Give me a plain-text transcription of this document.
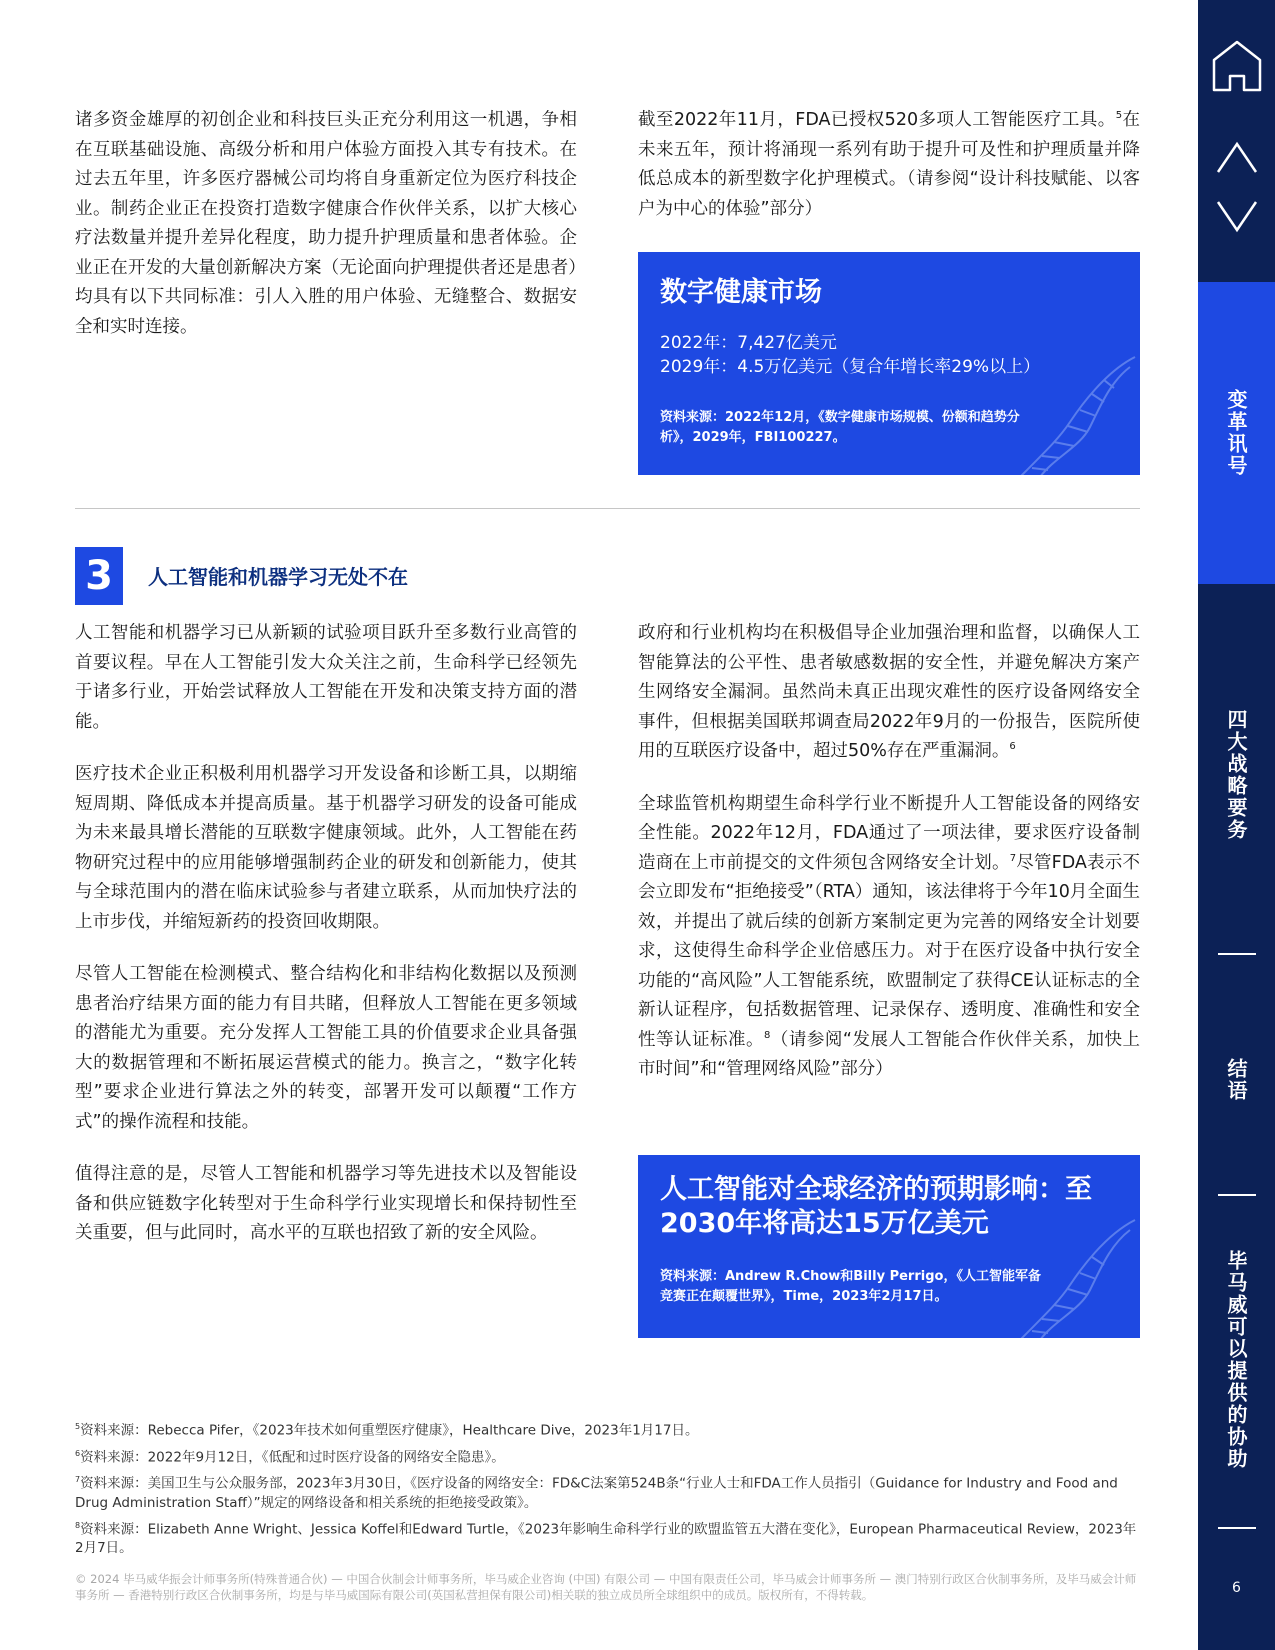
诸多资金雄厚的初创企业和科技巨头正充分利用这一机遇，争相在互联基础设施、高级分析和用户体验方面投入其专有技术。在过去五年里，许多医疗器械公司均将自身重新定位为医疗科技企业。制药企业正在投资打造数字健康合作伙伴关系，以扩大核心疗法数量并提升差异化程度，助力提升护理质量和患者体验。企业正在开发的大量创新解决方案（无论面向护理提供者还是患者）均具有以下共同标准：引人入胜的用户体验、无缝整合、数据安全和实时连接。

截至2022年11月，FDA已授权520多项人工智能医疗工具。$^5$在未来五年，预计将涌现一系列有助于提升可及性和护理质量并降低总成本的新型数字化护理模式。（请参阅“设计科技赋能、以客户为中心的体验”部分）

数字健康市场
2022年：7,427亿美元
2029年：4.5万亿美元（复合年增长率29%以上）
资料来源：2022年12月，《数字健康市场规模、份额和趋势分析》，2029年，FBI100227。
3	人工智能和机器学习无处不在

人工智能和机器学习已从新颖的试验项目跃升至多数行业高管的首要议程。早在人工智能引发大众关注之前，生命科学已经领先于诸多行业，开始尝试释放人工智能在开发和决策支持方面的潜能。

医疗技术企业正积极利用机器学习开发设备和诊断工具，以期缩短周期、降低成本并提高质量。基于机器学习研发的设备可能成为未来最具增长潜能的互联数字健康领域。此外，人工智能在药物研究过程中的应用能够增强制药企业的研发和创新能力，使其与全球范围内的潜在临床试验参与者建立联系，从而加快疗法的上市步伐，并缩短新药的投资回收期限。

尽管人工智能在检测模式、整合结构化和非结构化数据以及预测患者治疗结果方面的能力有目共睹，但释放人工智能在更多领域的潜能尤为重要。充分发挥人工智能工具的价值要求企业具备强大的数据管理和不断拓展运营模式的能力。换言之，“数字化转型”要求企业进行算法之外的转变，部署开发可以颠覆“工作方式”的操作流程和技能。

值得注意的是，尽管人工智能和机器学习等先进技术以及智能设备和供应链数字化转型对于生命科学行业实现增长和保持韧性至关重要，但与此同时，高水平的互联也招致了新的安全风险。

政府和行业机构均在积极倡导企业加强治理和监督，以确保人工智能算法的公平性、患者敏感数据的安全性，并避免解决方案产生网络安全漏洞。虽然尚未真正出现灾难性的医疗设备网络安全事件，但根据美国联邦调查局2022年9月的一份报告，医院所使用的互联医疗设备中，超过50%存在严重漏洞。$^6$

全球监管机构期望生命科学行业不断提升人工智能设备的网络安全性能。2022年12月，FDA通过了一项法律，要求医疗设备制造商在上市前提交的文件须包含网络安全计划。$^7$尽管FDA表示不会立即发布“拒绝接受”（RTA）通知，该法律将于今年10月全面生效，并提出了就后续的创新方案制定更为完善的网络安全计划要求，这使得生命科学企业倍感压力。对于在医疗设备中执行安全功能的“高风险”人工智能系统，欧盟制定了获得CE认证标志的全新认证程序，包括数据管理、记录保存、透明度、准确性和安全性等认证标准。$^8$（请参阅“发展人工智能合作伙伴关系，加快上市时间”和“管理网络风险”部分）

人工智能对全球经济的预期影响：至2030年将高达15万亿美元
资料来源：Andrew R.Chow和Billy Perrigo，《人工智能军备竞赛正在颠覆世界》，Time，2023年2月17日。
$^5$资料来源：Rebecca Pifer，《2023年技术如何重塑医疗健康》，Healthcare Dive，2023年1月17日。
$^6$资料来源：2022年9月12日，《低配和过时医疗设备的网络安全隐患》。
$^7$资料来源：美国卫生与公众服务部，2023年3月30日，《医疗设备的网络安全：FD&C法案第524B条“行业人士和FDA工作人员指引（Guidance for Industry and Food and Drug Administration Staff）”规定的网络设备和相关系统的拒绝接受政策》。
$^8$资料来源：Elizabeth Anne Wright、Jessica Koffel和Edward Turtle，《2023年影响生命科学行业的欧盟监管五大潜在变化》，European Pharmaceutical Review，2023年2月7日。
© 2024 毕马威华振会计师事务所(特殊普通合伙) — 中国合伙制会计师事务所，毕马威企业咨询 (中国) 有限公司 — 中国有限责任公司，毕马威会计师事务所 — 澳门特别行政区合伙制事务所，及毕马威会计师事务所 — 香港特别行政区合伙制事务所，均是与毕马威国际有限公司(英国私营担保有限公司)相关联的独立成员所全球组织中的成员。版权所有，不得转载。
变革讯号
四大战略要务
结语
毕马威可以提供的协助
6
